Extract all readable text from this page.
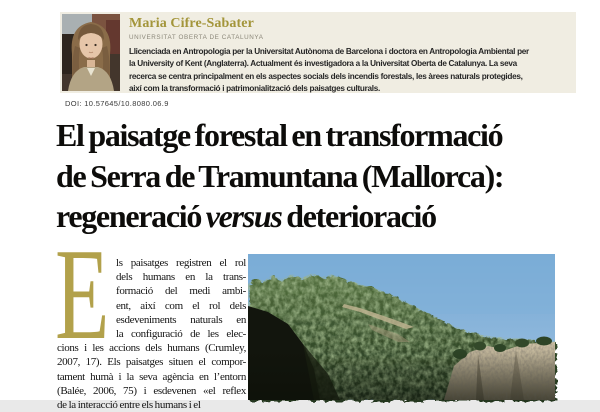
Maria Cifre-Sabater
UNIVERSITAT OBERTA DE CATALUNYA
Llicenciada en Antropologia per la Universitat Autònoma de Barcelona i doctora en Antropologia Ambiental per
la University of Kent (Anglaterra). Actualment és investigadora a la Universitat Oberta de Catalunya. La seva
recerca se centra principalment en els aspectes socials dels incendis forestals, les àrees naturals protegides,
així com la transformació i patrimonialització dels paisatges culturals.
DOI: 10.57645/10.8080.06.9
El paisatge forestal en transformació
de Serra de Tramuntana (Mallorca):
regeneració versus deterioració
E ls paisatges registren el rol
dels humans en la trans-
formació del medi ambi-
ent, així com el rol dels
esdeveniments naturals en
la configuració de les elec-
cions i les accions dels humans (Crumley,
2007, 17). Els paisatges situen el compor-
tament humà i la seva agència en l’entorn
(Balée, 2006, 75) i esdevenen «el reflex
de la interacció entre els humans i el
